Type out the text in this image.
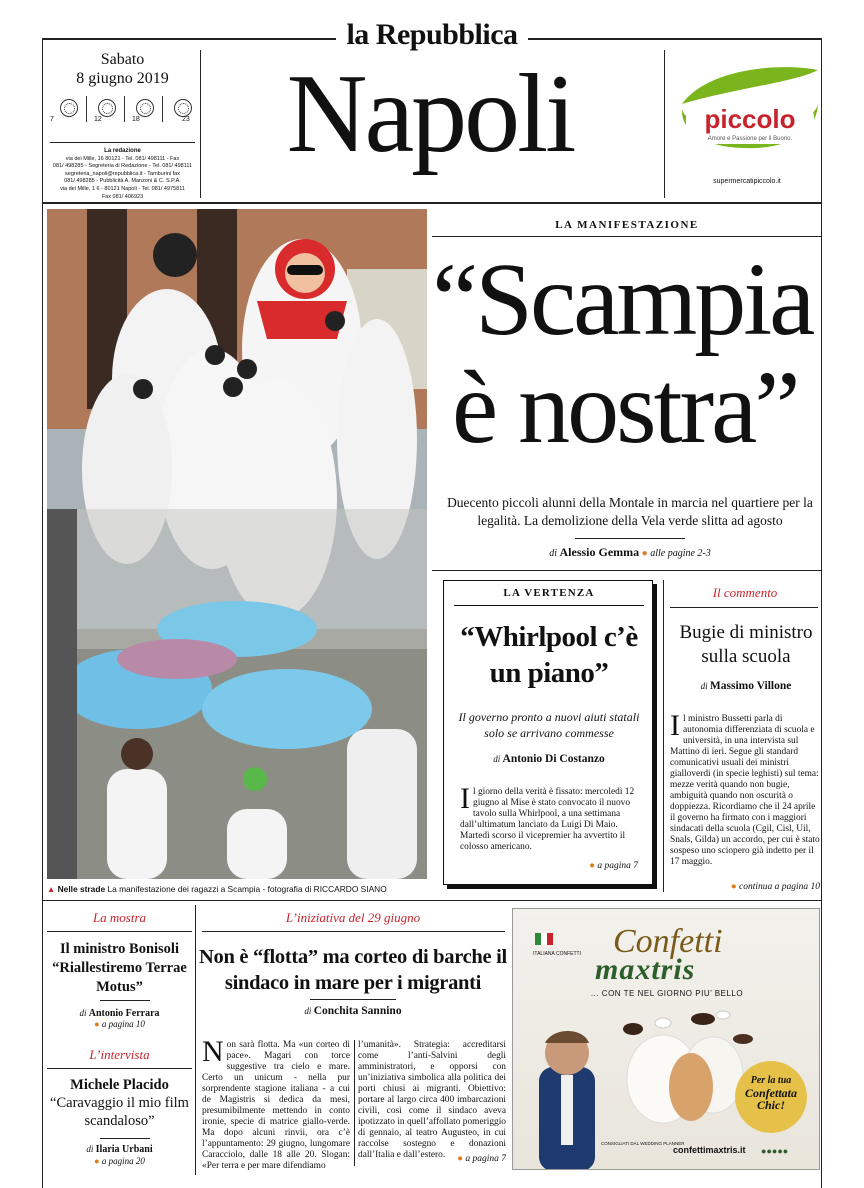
la Repubblica
Sabato
8 giugno 2019
7	12	18	23
La redazione
via dei Mille, 16 80121 - Tel. 081/ 498111 - Fax
081/ 498285 - Segreteria di Redazione - Tel. 081/ 498111
segreteria_napoli@repubblica.it - Tamburini fax
081/ 498285 - Pubblicità A. Manzoni & C. S.P.A.
via dei Mille, 1 6 - 80121 Napoli - Tel. 081/ 4975811
Fax 081/ 406923
Napoli	piccolo
Amore e Passione per il Buono.
supermercatipiccolo.it
▲ Nelle strade La manifestazione dei ragazzi a Scampia - fotografia di RICCARDO SIANO
LA MANIFESTAZIONE
“Scampia
è nostra”
Duecento piccoli alunni della Montale in marcia nel quartiere per la legalità. La demolizione della Vela verde slitta ad agosto
di Alessio Gemma ● alle pagine 2-3
LA VERTENZA
“Whirlpool c’è un piano”
Il governo pronto a nuovi aiuti statali solo se arrivano commesse
di Antonio Di Costanzo
Il giorno della verità è fissato: mercoledì 12 giugno al Mise è stato convocato il nuovo tavolo sulla Whirlpool, a una settimana dall’ultimatum lanciato da Luigi Di Maio. Martedì scorso il vicepremier ha avvertito il colosso americano.
● a pagina 7
Il commento
Bugie di ministro sulla scuola
di Massimo Villone
Il ministro Bussetti parla di autonomia differenziata di scuola e università, in una intervista sul Mattino di ieri. Segue gli standard comunicativi usuali dei ministri gialloverdi (in specie leghisti) sul tema: mezze verità quando non bugie, ambiguità quando non oscurità o doppiezza. Ricordiamo che il 24 aprile il governo ha firmato con i maggiori sindacati della scuola (Cgil, Cisl, Uil, Snals, Gilda) un accordo, per cui è stato sospeso uno sciopero già indetto per il 17 maggio.
● continua a pagina 10
La mostra
Il ministro Bonisoli “Riallestiremo Terrae Motus”
di Antonio Ferrara
● a pagina 10
L’intervista
Michele Placido
“Caravaggio il mio film scandaloso”
di Ilaria Urbani
● a pagina 20
L’iniziativa del 29 giugno
Non è “flotta” ma corteo di barche il sindaco in mare per i migranti
di Conchita Sannino
Non sarà flotta. Ma «un corteo di pace». Magari con torce suggestive tra cielo e mare. Certo un unicum - nella pur sorprendente stagione italiana - a cui de Magistris si dedica da mesi, presumibilmente mettendo in conto ironie, specie di matrice giallo-verde. Ma dopo alcuni rinvii, ora c’è l’appuntamento: 29 giugno, lungomare Caracciolo, dalle 18 alle 20. Slogan: «Per terra e per mare difendiamo
l’umanità». Strategia: accreditarsi come l’anti-Salvini degli amministratori, e opporsi con un’iniziativa simbolica alla politica dei porti chiusi ai migranti. Obiettivo: portare al largo circa 400 imbarcazioni civili, così come il sindaco aveva ipotizzato in quell’affollato pomeriggio di gennaio, al teatro Augusteo, in cui raccolse sostegno e donazioni dall’Italia e dall’estero.	● a pagina 7
ITALIANA CONFETTI Confetti
maxtris
... CON TE NEL GIORNO PIU’ BELLO
Per la tua
Confettata
Chic!
CONSIGLIATI DAL WEDDING PLANNER
confettimaxtris.it ●●●●●
